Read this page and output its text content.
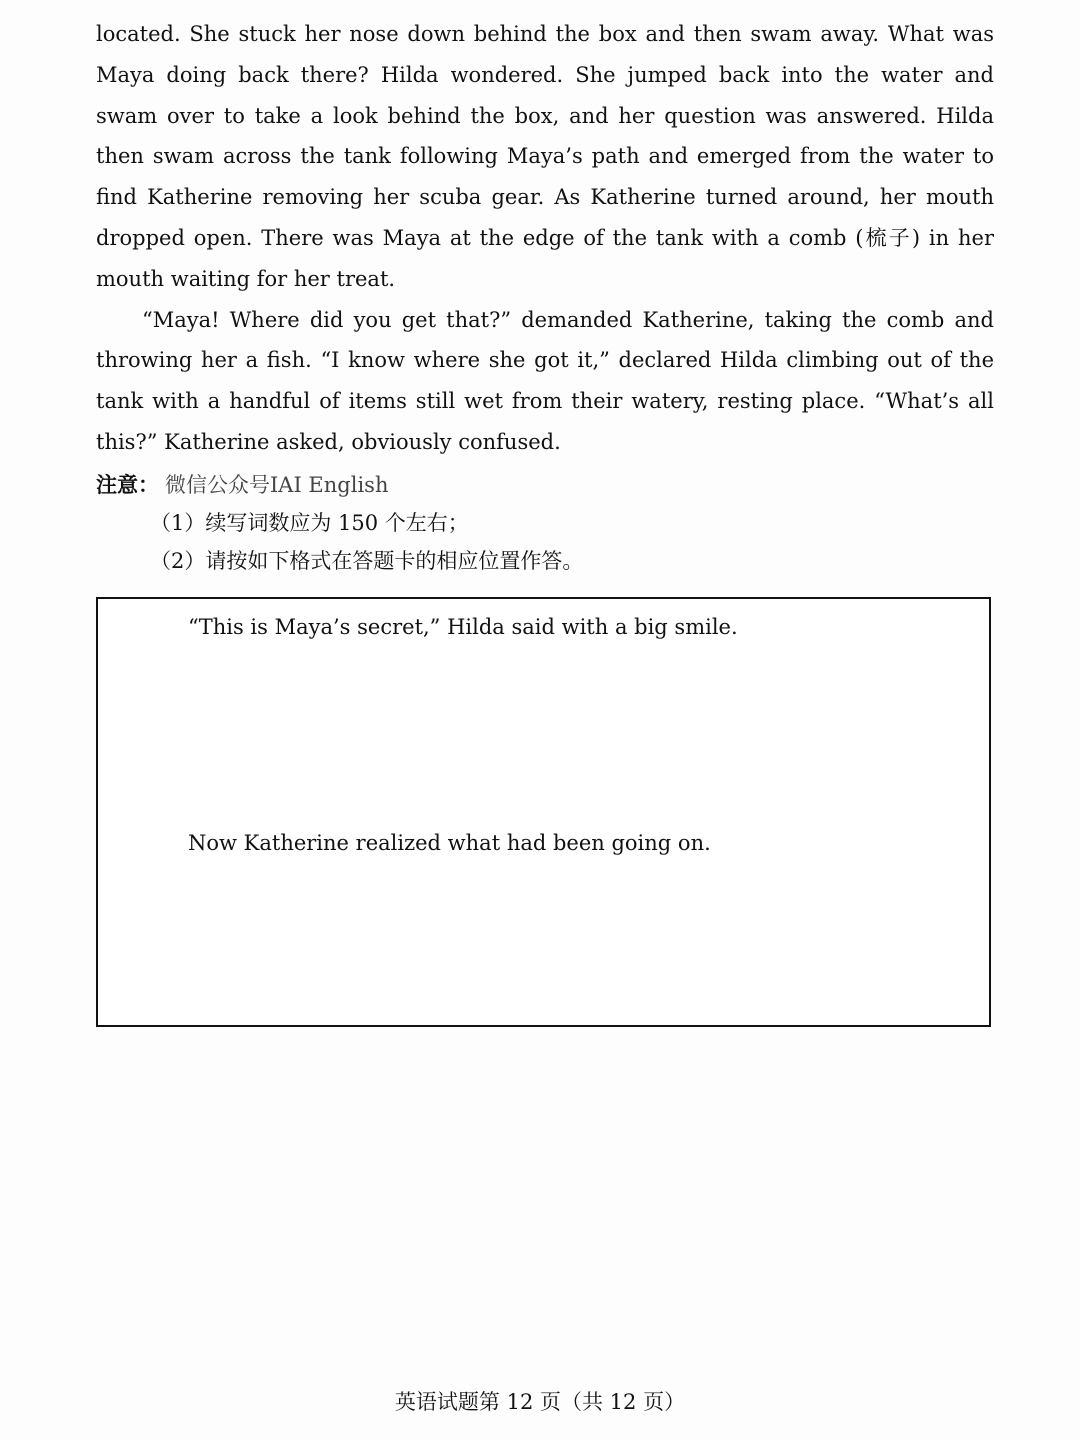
located. She stuck her nose down behind the box and then swam away. What was Maya doing back there? Hilda wondered. She jumped back into the water and swam over to take a look behind the box, and her question was answered. Hilda then swam across the tank following Maya’s path and emerged from the water to find Katherine removing her scuba gear. As Katherine turned around, her mouth dropped open. There was Maya at the edge of the tank with a comb (梳子) in her mouth waiting for her treat.

“Maya! Where did you get that?” demanded Katherine, taking the comb and throwing her a fish. “I know where she got it,” declared Hilda climbing out of the tank with a handful of items still wet from their watery, resting place. “What’s all this?” Katherine asked, obviously confused.

注意： 微信公众号IAI English
（1）续写词数应为 150 个左右；
（2）请按如下格式在答题卡的相应位置作答。
“This is Maya’s secret,” Hilda said with a big smile.
Now Katherine realized what had been going on.
英语试题第 12 页（共 12 页）
